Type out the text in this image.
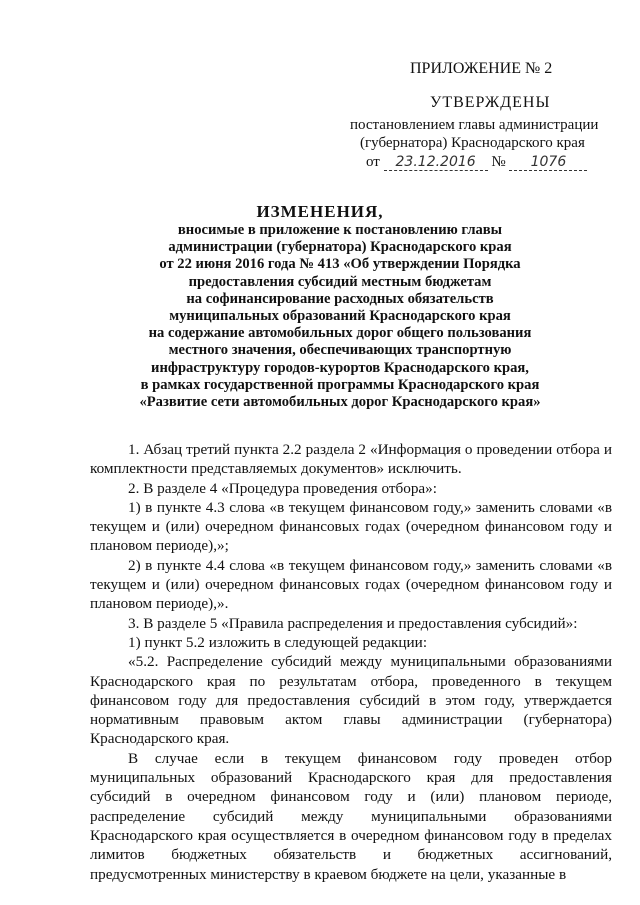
ПРИЛОЖЕНИЕ № 2
УТВЕРЖДЕНЫ
постановлением главы администрации
(губернатора) Краснодарского края
от 23.12.2016 № 1076
ИЗМЕНЕНИЯ,
вносимые в приложение к постановлению главы
администрации (губернатора) Краснодарского края
от 22 июня 2016 года № 413 «Об утверждении Порядка
предоставления субсидий местным бюджетам
на софинансирование расходных обязательств
муниципальных образований Краснодарского края
на содержание автомобильных дорог общего пользования
местного значения, обеспечивающих транспортную
инфраструктуру городов-курортов Краснодарского края,
в рамках государственной программы Краснодарского края
«Развитие сети автомобильных дорог Краснодарского края»

1. Абзац третий пункта 2.2 раздела 2 «Информация о проведении отбора и комплектности представляемых документов» исключить.

2. В разделе 4 «Процедура проведения отбора»:

1) в пункте 4.3 слова «в текущем финансовом году,» заменить словами «в текущем и (или) очередном финансовых годах (очередном финансовом году и плановом периоде),»;

2) в пункте 4.4 слова «в текущем финансовом году,» заменить словами «в текущем и (или) очередном финансовых годах (очередном финансовом году и плановом периоде),».

3. В разделе 5 «Правила распределения и предоставления субсидий»:

1) пункт 5.2 изложить в следующей редакции:

«5.2. Распределение субсидий между муниципальными образованиями Краснодарского края по результатам отбора, проведенного в текущем финансовом году для предоставления субсидий в этом году, утверждается нормативным правовым актом главы администрации (губернатора) Краснодарского края.

В случае если в текущем финансовом году проведен отбор муниципальных образований Краснодарского края для предоставления субсидий в очередном финансовом году и (или) плановом периоде, распределение субсидий между муниципальными образованиями Краснодарского края осуществляется в очередном финансовом году в пределах лимитов бюджетных обязательств и бюджетных ассигнований, предусмотренных министерству в краевом бюджете на цели, указанные в
